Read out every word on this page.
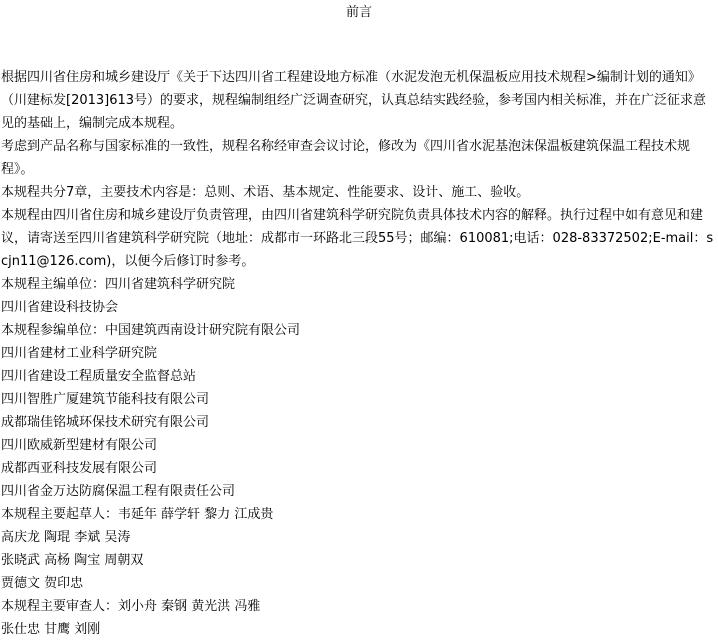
前言

根据四川省住房和城乡建设厅《关于下达四川省工程建设地方标准（水泥发泡无机保温板应用技术规程>编制计划的通知》（川建标发[2013]613号）的要求，规程编制组经广泛调查研究，认真总结实践经验，参考国内相关标准，并在广泛征求意见的基础上，编制完成本规程。

考虑到产品名称与国家标准的一致性，规程名称经审查会议讨论，修改为《四川省水泥基泡沫保温板建筑保温工程技术规程》。

本规程共分7章，主要技术内容是：总则、术语、基本规定、性能要求、设计、施工、验收。

本规程由四川省住房和城乡建设厅负责管理，由四川省建筑科学研究院负责具体技术内容的解释。执行过程中如有意见和建议，请寄送至四川省建筑科学研究院（地址：成都市一环路北三段55号；邮编：610081;电话：028-83372502;E-mail：scjn11@126.com)，以便今后修订时参考。

本规程主编单位：四川省建筑科学研究院

四川省建设科技协会

本规程参编单位：中国建筑西南设计研究院有限公司

四川省建材工业科学研究院

四川省建设工程质量安全监督总站

四川智胜广厦建筑节能科技有限公司

成都瑞佳铭城环保技术研究有限公司

四川欧威新型建材有限公司

成都西亚科技发展有限公司

四川省金万达防腐保温工程有限责任公司

本规程主要起草人：韦延年 薛学轩 黎力 江成贵

高庆龙 陶琨 李斌 吴涛

张晓武 高杨 陶宝 周朝双

贾德文 贺印忠

本规程主要审查人：刘小舟 秦钢 黄光洪 冯雅

张仕忠 甘鹰 刘刚
